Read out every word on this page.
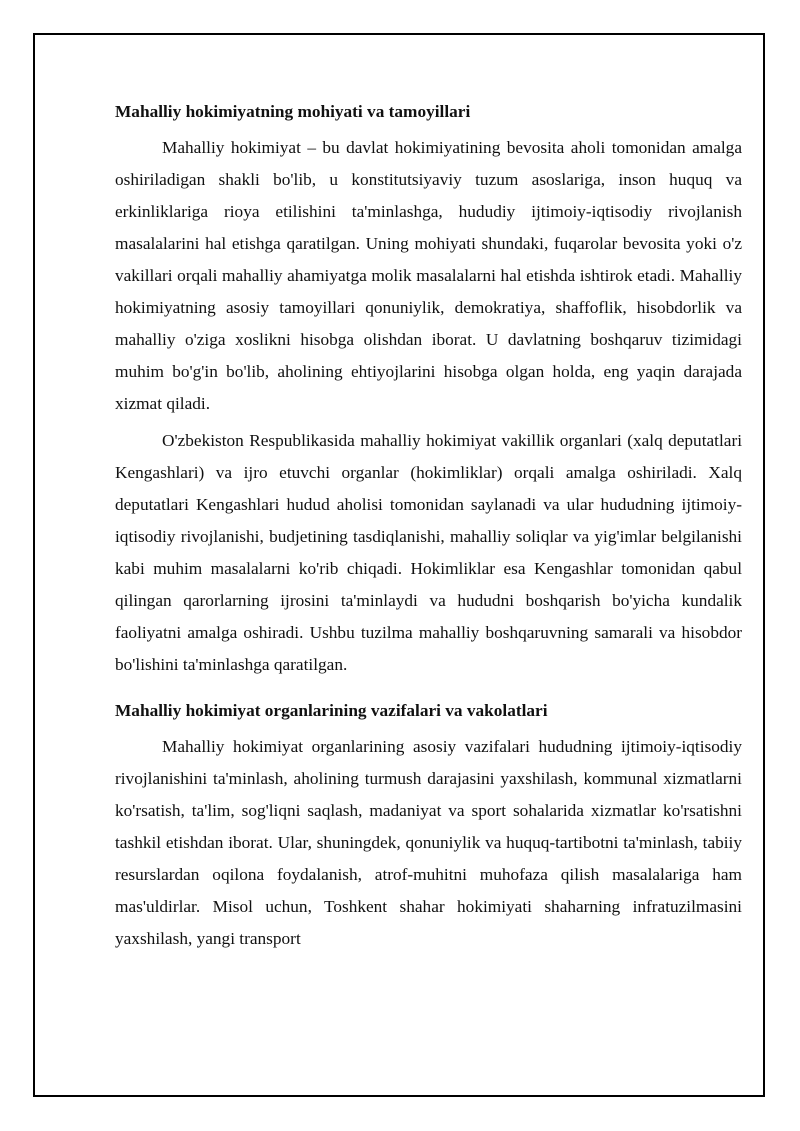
Mahalliy hokimiyatning mohiyati va tamoyillari

Mahalliy hokimiyat – bu davlat hokimiyatining bevosita aholi tomonidan amalga oshiriladigan shakli bo'lib, u konstitutsiyaviy tuzum asoslariga, inson huquq va erkinliklariga rioya etilishini ta'minlashga, hududiy ijtimoiy-iqtisodiy rivojlanish masalalarini hal etishga qaratilgan. Uning mohiyati shundaki, fuqarolar bevosita yoki o'z vakillari orqali mahalliy ahamiyatga molik masalalarni hal etishda ishtirok etadi. Mahalliy hokimiyatning asosiy tamoyillari qonuniylik, demokratiya, shaffoflik, hisobdorlik va mahalliy o'ziga xoslikni hisobga olishdan iborat. U davlatning boshqaruv tizimidagi muhim bo'g'in bo'lib, aholining ehtiyojlarini hisobga olgan holda, eng yaqin darajada xizmat qiladi.

O'zbekiston Respublikasida mahalliy hokimiyat vakillik organlari (xalq deputatlari Kengashlari) va ijro etuvchi organlar (hokimliklar) orqali amalga oshiriladi. Xalq deputatlari Kengashlari hudud aholisi tomonidan saylanadi va ular hududning ijtimoiy-iqtisodiy rivojlanishi, budjetining tasdiqlanishi, mahalliy soliqlar va yig'imlar belgilanishi kabi muhim masalalarni ko'rib chiqadi. Hokimliklar esa Kengashlar tomonidan qabul qilingan qarorlarning ijrosini ta'minlaydi va hududni boshqarish bo'yicha kundalik faoliyatni amalga oshiradi. Ushbu tuzilma mahalliy boshqaruvning samarali va hisobdor bo'lishini ta'minlashga qaratilgan.

Mahalliy hokimiyat organlarining vazifalari va vakolatlari

Mahalliy hokimiyat organlarining asosiy vazifalari hududning ijtimoiy-iqtisodiy rivojlanishini ta'minlash, aholining turmush darajasini yaxshilash, kommunal xizmatlarni ko'rsatish, ta'lim, sog'liqni saqlash, madaniyat va sport sohalarida xizmatlar ko'rsatishni tashkil etishdan iborat. Ular, shuningdek, qonuniylik va huquq-tartibotni ta'minlash, tabiiy resurslardan oqilona foydalanish, atrof-muhitni muhofaza qilish masalalariga ham mas'uldirlar. Misol uchun, Toshkent shahar hokimiyati shaharning infratuzilmasini yaxshilash, yangi transport
